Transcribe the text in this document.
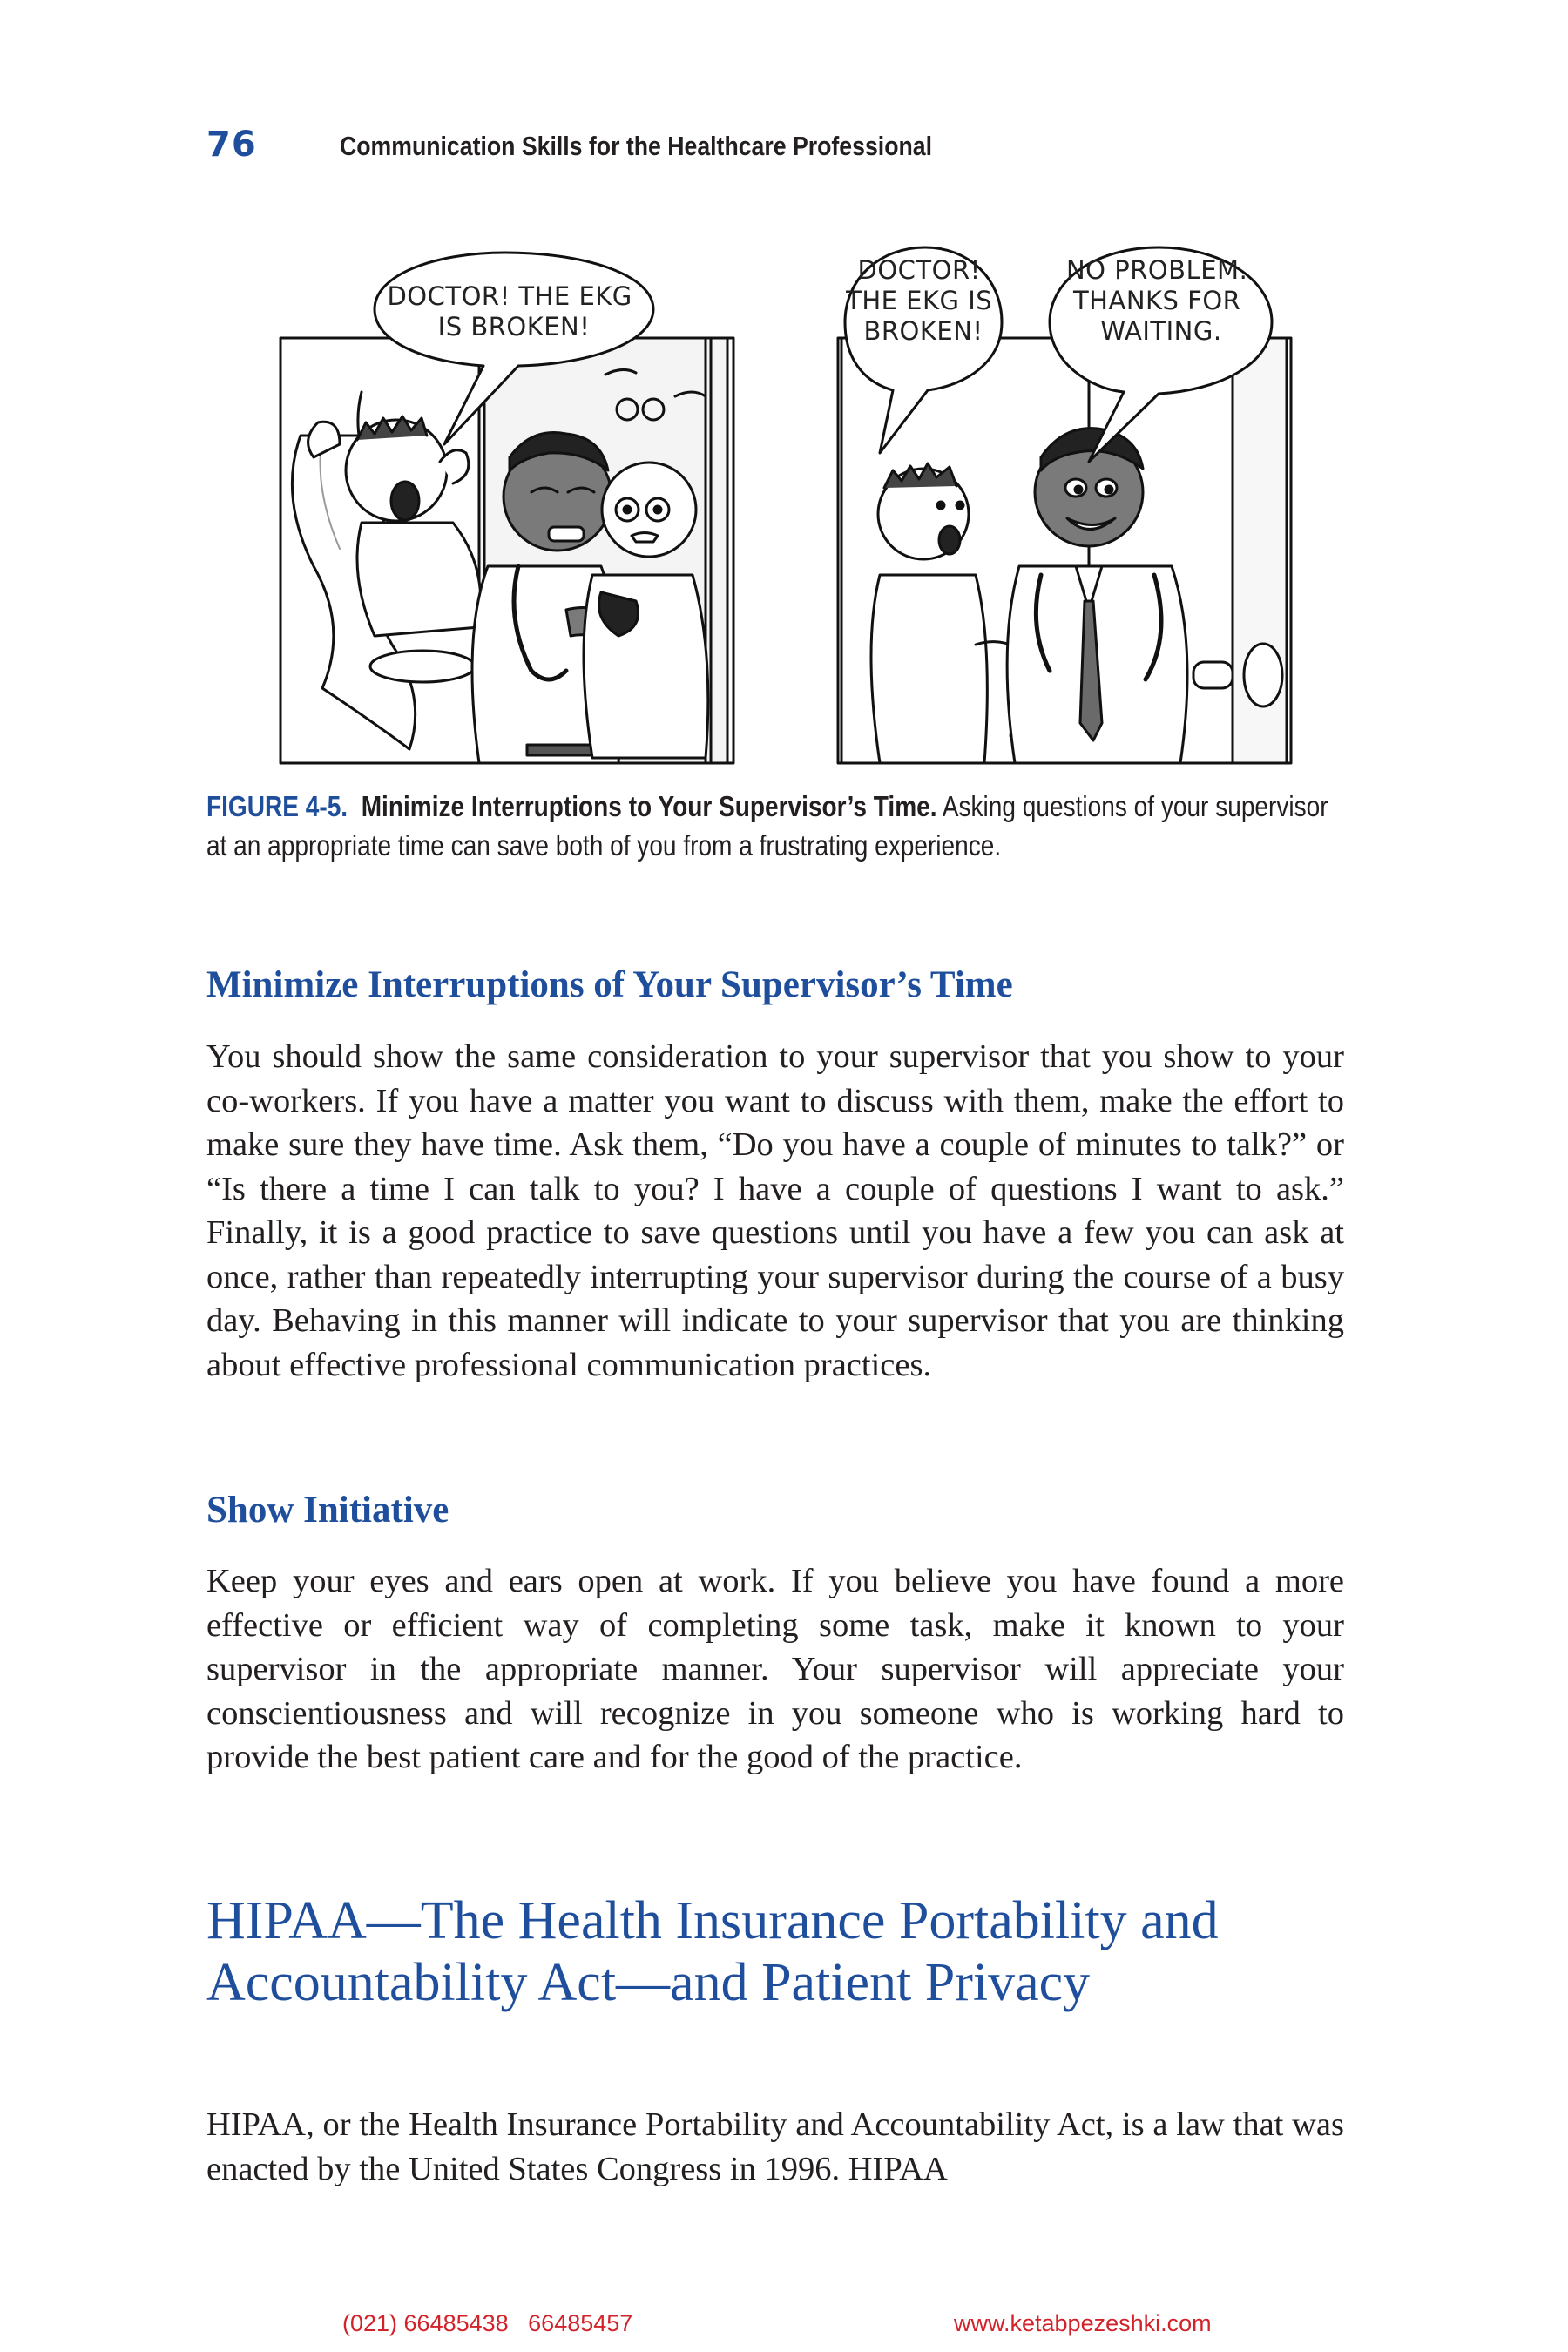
76	Communication Skills for the Healthcare Professional
DOCTOR! THE EKG IS BROKEN!
DOCTOR! THE EKG IS BROKEN!
NO PROBLEM. THANKS FOR WAITING.
FIGURE 4-5. Minimize Interruptions to Your Supervisor’s Time. Asking questions of your supervisor at an appropriate time can save both of you from a frustrating experience.
Minimize Interruptions of Your Supervisor’s Time

You should show the same consideration to your supervisor that you show to your co-workers. If you have a matter you want to discuss with them, make the effort to make sure they have time. Ask them, “Do you have a couple of minutes to talk?” or “Is there a time I can talk to you? I have a couple of questions I want to ask.” Finally, it is a good practice to save questions until you have a few you can ask at once, rather than repeatedly interrupting your supervisor during the course of a busy day. Behaving in this manner will indicate to your supervisor that you are thinking about effective professional communication practices.

Show Initiative

Keep your eyes and ears open at work. If you believe you have found a more effective or efficient way of completing some task, make it known to your supervisor in the appropriate manner. Your supervisor will appreciate your conscientiousness and will recognize in you someone who is working hard to provide the best patient care and for the good of the practice.

HIPAA—The Health Insurance Portability and Accountability Act—and Patient Privacy

HIPAA, or the Health Insurance Portability and Accountability Act, is a law that was enacted by the United States Congress in 1996. HIPAA

(021) 66485438   66485457	www.ketabpezeshki.com
